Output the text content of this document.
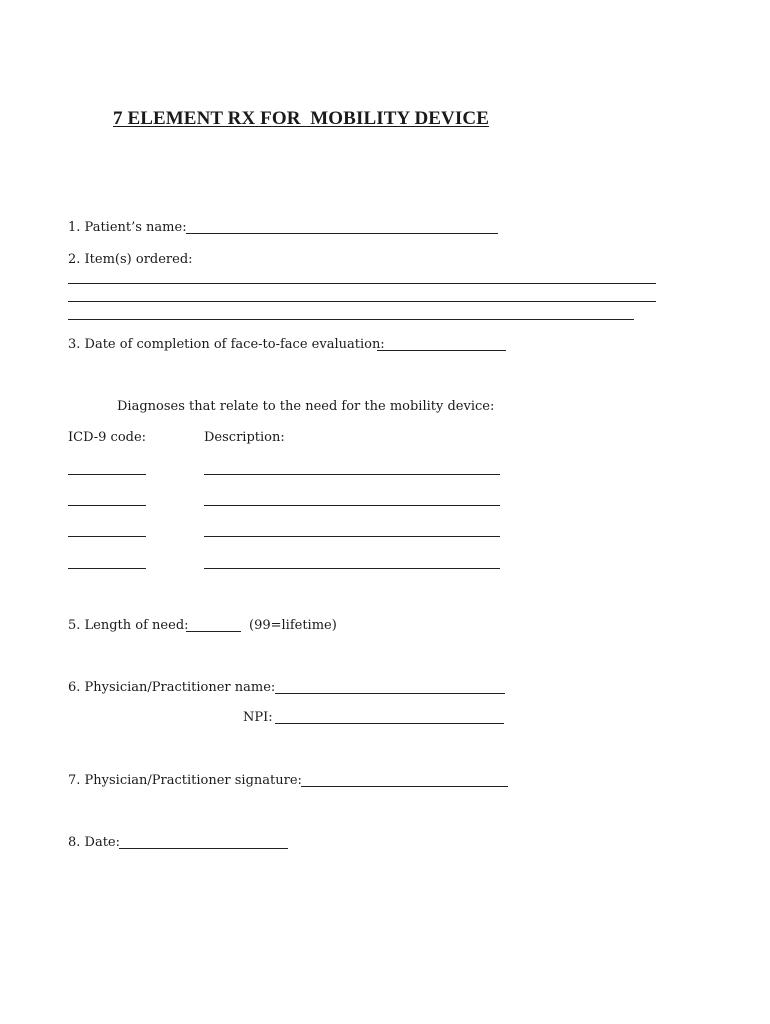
7 ELEMENT RX FOR  MOBILITY DEVICE
1. Patient’s name:
2. Item(s) ordered:
3. Date of completion of face-to-face evaluation:
Diagnoses that relate to the need for the mobility device:
ICD-9 code:	Description:
5. Length of need:	(99=lifetime)
6. Physician/Practitioner name:
NPI:
7. Physician/Practitioner signature:
8. Date:
